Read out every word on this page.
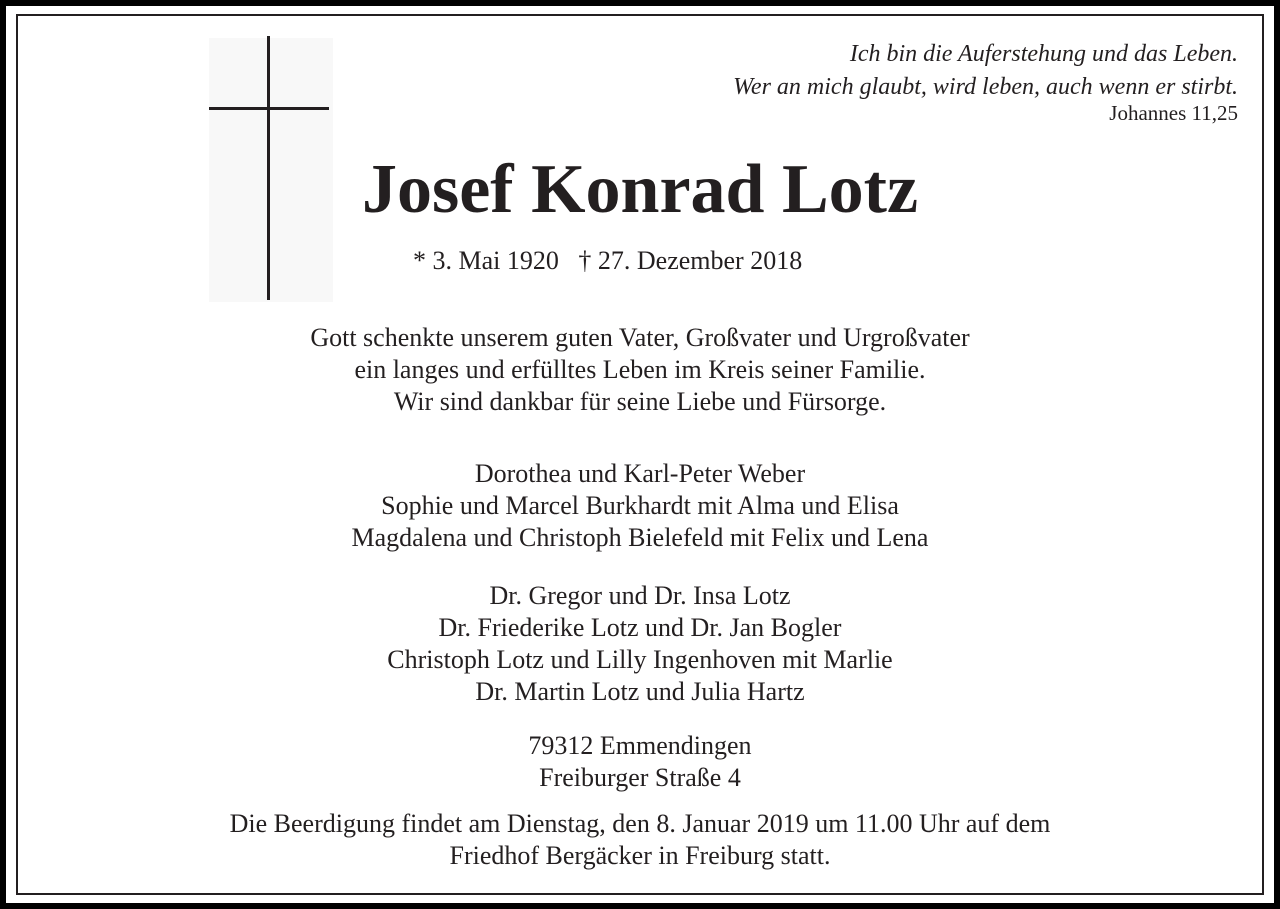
Ich bin die Auferstehung und das Leben.
Wer an mich glaubt, wird leben, auch wenn er stirbt.
Johannes 11,25
Josef Konrad Lotz
* 3. Mai 1920 † 27. Dezember 2018
Gott schenkte unserem guten Vater, Großvater und Urgroßvater
ein langes und erfülltes Leben im Kreis seiner Familie.
Wir sind dankbar für seine Liebe und Fürsorge.
Dorothea und Karl-Peter Weber
Sophie und Marcel Burkhardt mit Alma und Elisa
Magdalena und Christoph Bielefeld mit Felix und Lena
Dr. Gregor und Dr. Insa Lotz
Dr. Friederike Lotz und Dr. Jan Bogler
Christoph Lotz und Lilly Ingenhoven mit Marlie
Dr. Martin Lotz und Julia Hartz
79312 Emmendingen
Freiburger Straße 4
Die Beerdigung findet am Dienstag, den 8. Januar 2019 um 11.00 Uhr auf dem
Friedhof Bergäcker in Freiburg statt.
